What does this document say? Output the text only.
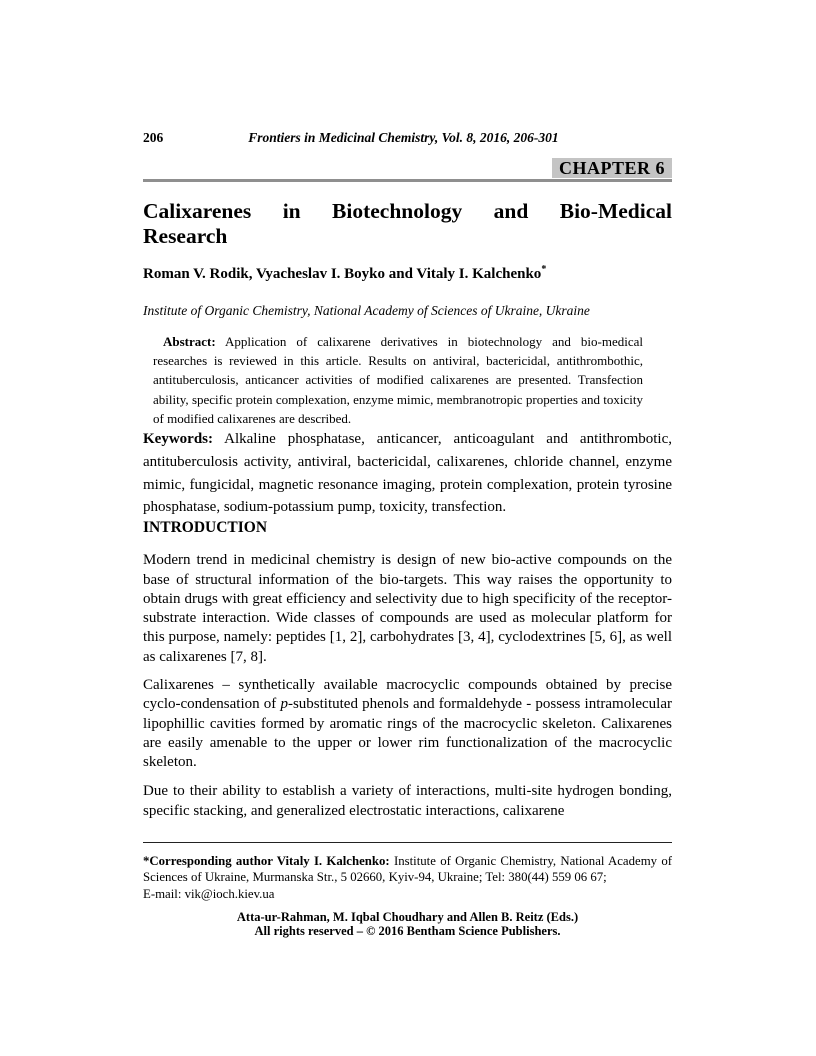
206	Frontiers in Medicinal Chemistry, Vol. 8, 2016, 206-301
CHAPTER 6
Calixarenes in Biotechnology and Bio-Medical
Research
Roman V. Rodik, Vyacheslav I. Boyko and Vitaly I. Kalchenko*
Institute of Organic Chemistry, National Academy of Sciences of Ukraine, Ukraine
Abstract: Application of calixarene derivatives in biotechnology and bio-medical researches is reviewed in this article. Results on antiviral, bactericidal, antithrombothic, antituberculosis, anticancer activities of modified calixarenes are presented. Transfection ability, specific protein complexation, enzyme mimic, membranotropic properties and toxicity of modified calixarenes are described.
Keywords: Alkaline phosphatase, anticancer, anticoagulant and antithrombotic, antituberculosis activity, antiviral, bactericidal, calixarenes, chloride channel, enzyme mimic, fungicidal, magnetic resonance imaging, protein complexation, protein tyrosine phosphatase, sodium-potassium pump, toxicity, transfection.
INTRODUCTION
Modern trend in medicinal chemistry is design of new bio-active compounds on the base of structural information of the bio-targets. This way raises the opportunity to obtain drugs with great efficiency and selectivity due to high specificity of the receptor-substrate interaction. Wide classes of compounds are used as molecular platform for this purpose, namely: peptides [1, 2], carbohydrates [3, 4], cyclodextrines [5, 6], as well as calixarenes [7, 8].
Calixarenes – synthetically available macrocyclic compounds obtained by precise cyclo-condensation of p-substituted phenols and formaldehyde - possess intramolecular lipophillic cavities formed by aromatic rings of the macrocyclic skeleton. Calixarenes are easily amenable to the upper or lower rim functionalization of the macrocyclic skeleton.
Due to their ability to establish a variety of interactions, multi-site hydrogen bonding, specific stacking, and generalized electrostatic interactions, calixarene
*Corresponding author Vitaly I. Kalchenko: Institute of Organic Chemistry, National Academy of Sciences of Ukraine, Murmanska Str., 5 02660, Kyiv-94, Ukraine; Tel: 380(44) 559 06 67;
E-mail: vik@ioch.kiev.ua
Atta-ur-Rahman, M. Iqbal Choudhary and Allen B. Reitz (Eds.)
All rights reserved – © 2016 Bentham Science Publishers.
